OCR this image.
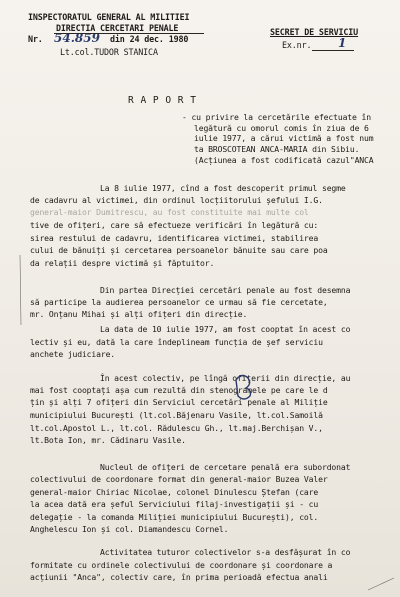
INSPECTORATUL GENERAL AL MILITIEI
DIRECTIA CERCETARI PENALE
Nr. 54.859 din 24 dec. 1980
Lt.col.TUDOR STANICA
SECRET DE SERVICIU
Ex.nr. 1
R A P O R T
- cu privire la cercetările efectuate în
legătură cu omorul comis în ziua de 6
iulie 1977, a cărui victimă a fost num
ta BROSCOTEAN ANCA-MARIA din Sibiu.
(Acțiunea a fost codificată cazul"ANCA
La 8 iulie 1977, cînd a fost descoperit primul segme
de cadavru al victimei, din ordinul locțiitorului șefului I.G.
general-maior Dumitrescu, au fost constituite mai multe col
tive de ofițeri, care să efectueze verificări în legătură cu:
sirea restului de cadavru, identificarea victimei, stabilirea
cului de bănuiți și cercetarea persoanelor bănuite sau care poa
da relații despre victimă și făptuitor.
Din partea Direcției cercetări penale au fost desemna
să participe la audierea persoanelor ce urmau să fie cercetate,
mr. Onțanu Mihai și alți ofițeri din direcție.
La data de 10 iulie 1977, am fost cooptat în acest co
lectiv și eu, dată la care îndeplineam funcția de șef serviciu
anchete judiciare.
În acest colectiv, pe lîngă ofițerii din direcție, au
mai fost cooptați așa cum rezultă din stenogramele pe care le d
țin și alți 7 ofițeri din Serviciul cercetări penale al Miliție
municipiului București (lt.col.Băjenaru Vasile, lt.col.Samoilă
lt.col.Apostol L., lt.col. Rădulescu Gh., lt.maj.Berchișan V.,
lt.Bota Ion, mr. Cădinaru Vasile.
Nucleul de ofițeri de cercetare penală era subordonat
colectivului de coordonare format din general-maior Buzea Valer
general-maior Chiriac Nicolae, colonel Dinulescu Ștefan (care
la acea dată era șeful Serviciului filaj-investigații și - cu
delegație - la comanda Miliției municipiului București), col.
Anghelescu Ion și col. Diamandescu Cornel.
Activitatea tuturor colectivelor s-a desfășurat în co
formitate cu ordinele colectivului de coordonare și coordonare a
acțiunii "Anca", colectiv care, în prima perioadă efectua anali
